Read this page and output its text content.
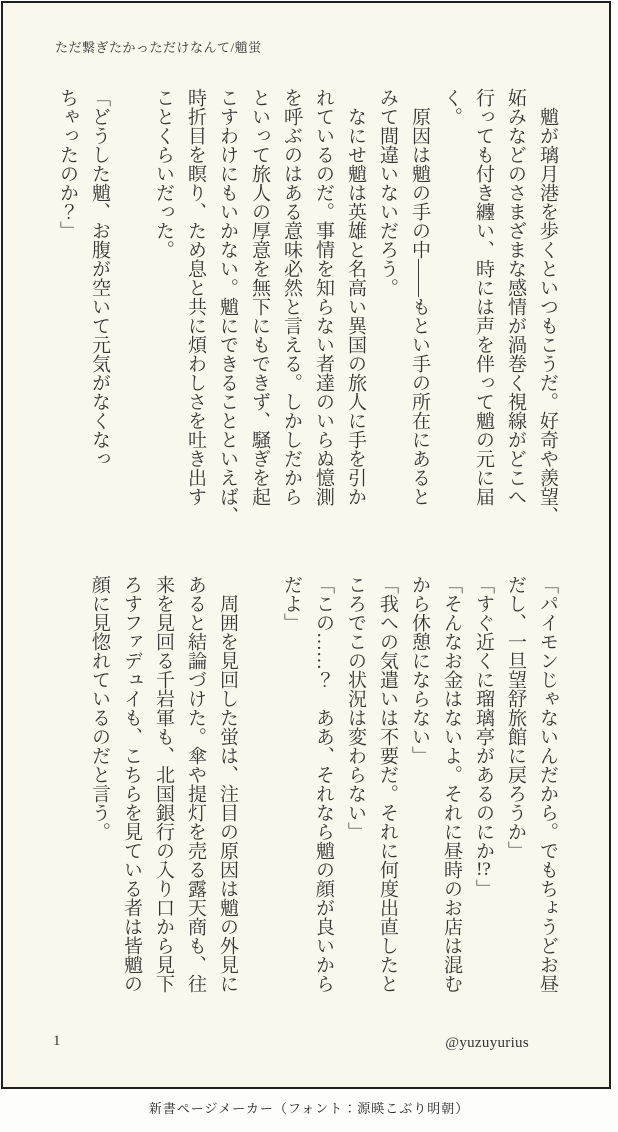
ただ繋ぎたかっただけなんて/魈蛍

　魈が璃月港を歩くといつもこうだ。好奇や羨望、
妬みなどのさまざまな感情が渦巻く視線がどこへ
行っても付き纏い、時には声を伴って魈の元に届
く。

　原因は魈の手の中――もとい手の所在にあると
みて間違いないだろう。

　なにせ魈は英雄と名高い異国の旅人に手を引か
れているのだ。事情を知らない者達のいらぬ憶測
を呼ぶのはある意味必然と言える。しかしだから
といって旅人の厚意を無下にもできず、騒ぎを起
こすわけにもいかない。魈にできることといえば、
時折目を瞑り、ため息と共に煩わしさを吐き出す
ことくらいだった。

「どうした魈、お腹が空いて元気がなくなっ
ちゃったのか？」

「パイモンじゃないんだから。でもちょうどお昼
だし、一旦望舒旅館に戻ろうか」

「すぐ近くに瑠璃亭があるのにか!?」

「そんなお金はないよ。それに昼時のお店は混む
から休憩にならない」

「我への気遣いは不要だ。それに何度出直したと
ころでこの状況は変わらない」

「この……？　ああ、それなら魈の顔が良いから
だよ」

　周囲を見回した蛍は、注目の原因は魈の外見に
あると結論づけた。傘や提灯を売る露天商も、往
来を見回る千岩軍も、北国銀行の入り口から見下
ろすファデュイも、こちらを見ている者は皆魈の
顔に見惚れているのだと言う。

1	@yuzuyurius
新書ページメーカー（フォント：源暎こぶり明朝）
